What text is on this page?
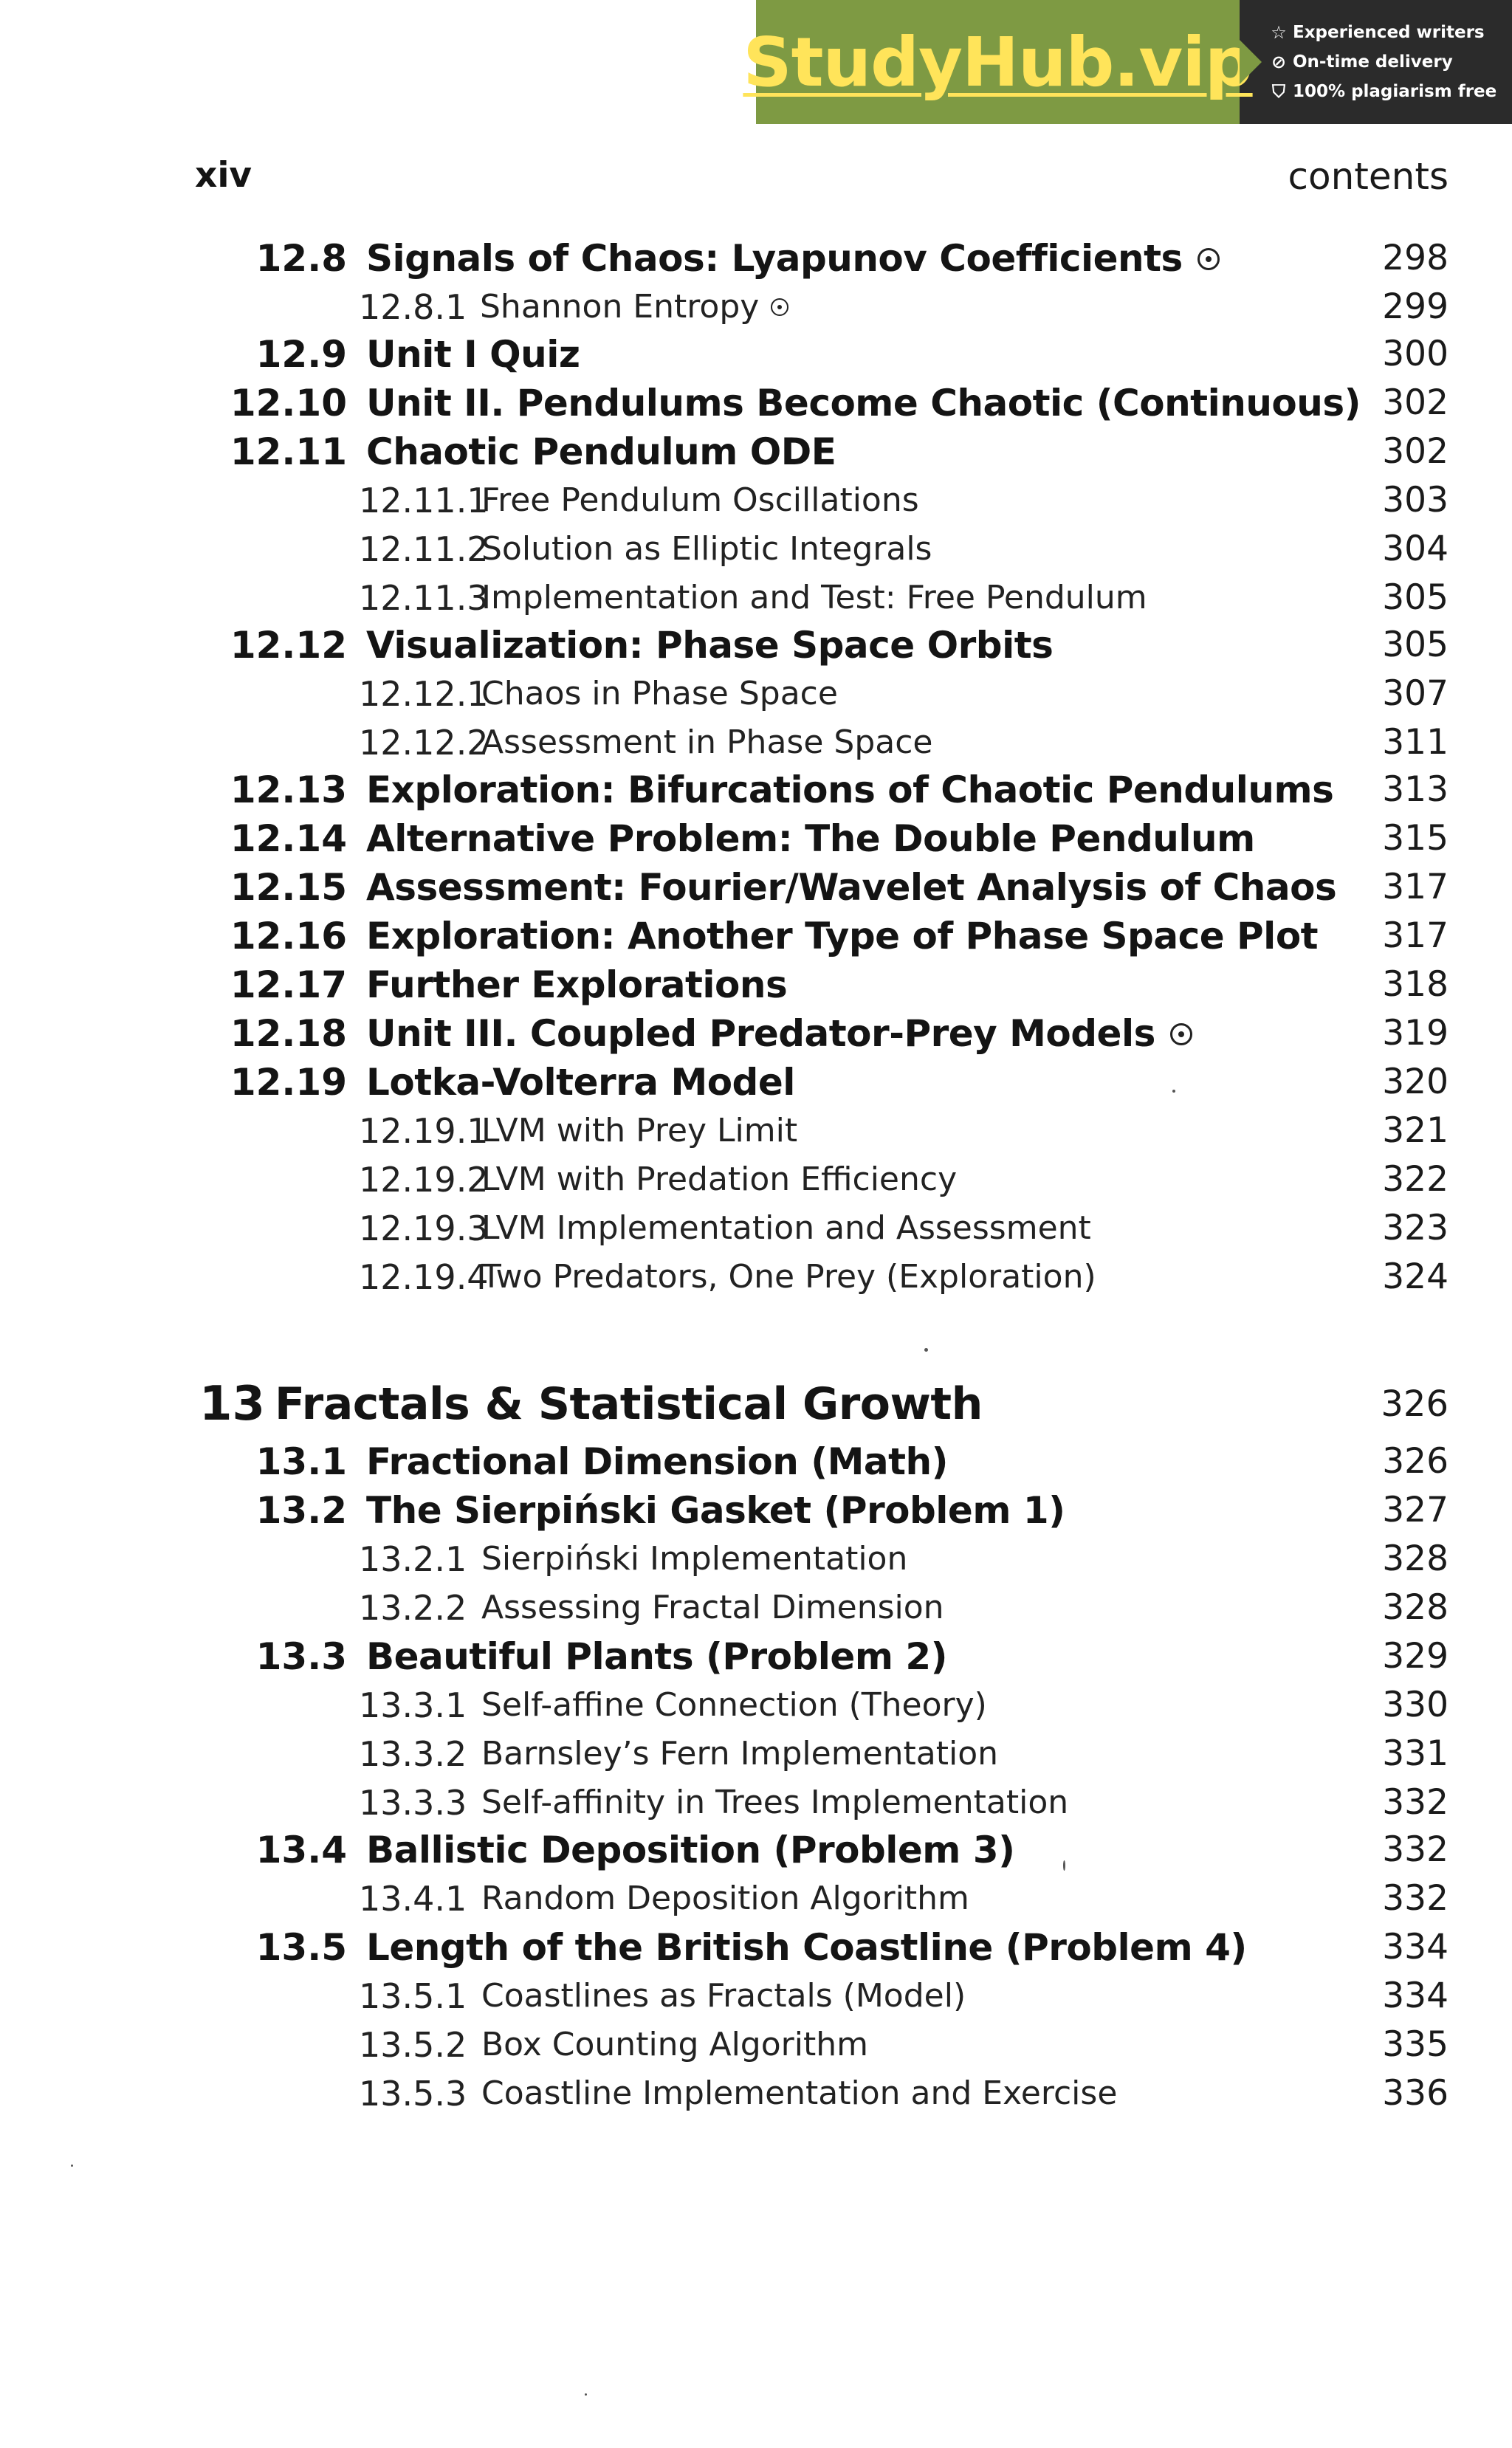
StudyHub.vip ☆ Experienced writers
⊘ On-time delivery
⛉ 100% plagiarism free
xiv	contents
12.8 Signals of Chaos: Lyapunov Coefficients	298
12.8.1 Shannon Entropy	299
12.9 Unit I Quiz	300
12.10 Unit II. Pendulums Become Chaotic (Continuous) 302
12.11 Chaotic Pendulum ODE	302
12.11.1
Free Pendulum Oscillations	303
12.11.2
Solution as Elliptic Integrals	304
12.11.3
Implementation and Test: Free Pendulum	305
12.12 Visualization: Phase Space Orbits	305
12.12.1
Chaos in Phase Space	307
12.12.2
Assessment in Phase Space	311
12.13 Exploration: Bifurcations of Chaotic Pendulums 313
12.14 Alternative Problem: The Double Pendulum	315
12.15 Assessment: Fourier/Wavelet Analysis of Chaos 317
12.16 Exploration: Another Type of Phase Space Plot 317
12.17 Further Explorations	318
12.18 Unit III. Coupled Predator-Prey Models	319
12.19 Lotka-Volterra Model	320
12.19.1
LVM with Prey Limit	321
12.19.2
LVM with Predation Efficiency	322
12.19.3
LVM Implementation and Assessment	323
12.19.4
Two Predators, One Prey (Exploration)	324
13 Fractals & Statistical Growth	326
13.1 Fractional Dimension (Math)	326
13.2 The Sierpiński Gasket (Problem 1)	327
13.2.1 Sierpiński Implementation	328
13.2.2 Assessing Fractal Dimension	328
13.3 Beautiful Plants (Problem 2)	329
13.3.1 Self-affine Connection (Theory)	330
13.3.2 Barnsley’s Fern Implementation	331
13.3.3 Self-affinity in Trees Implementation	332
13.4 Ballistic Deposition (Problem 3)	332
13.4.1 Random Deposition Algorithm	332
13.5 Length of the British Coastline (Problem 4)	334
13.5.1 Coastlines as Fractals (Model)	334
13.5.2 Box Counting Algorithm	335
13.5.3 Coastline Implementation and Exercise	336
